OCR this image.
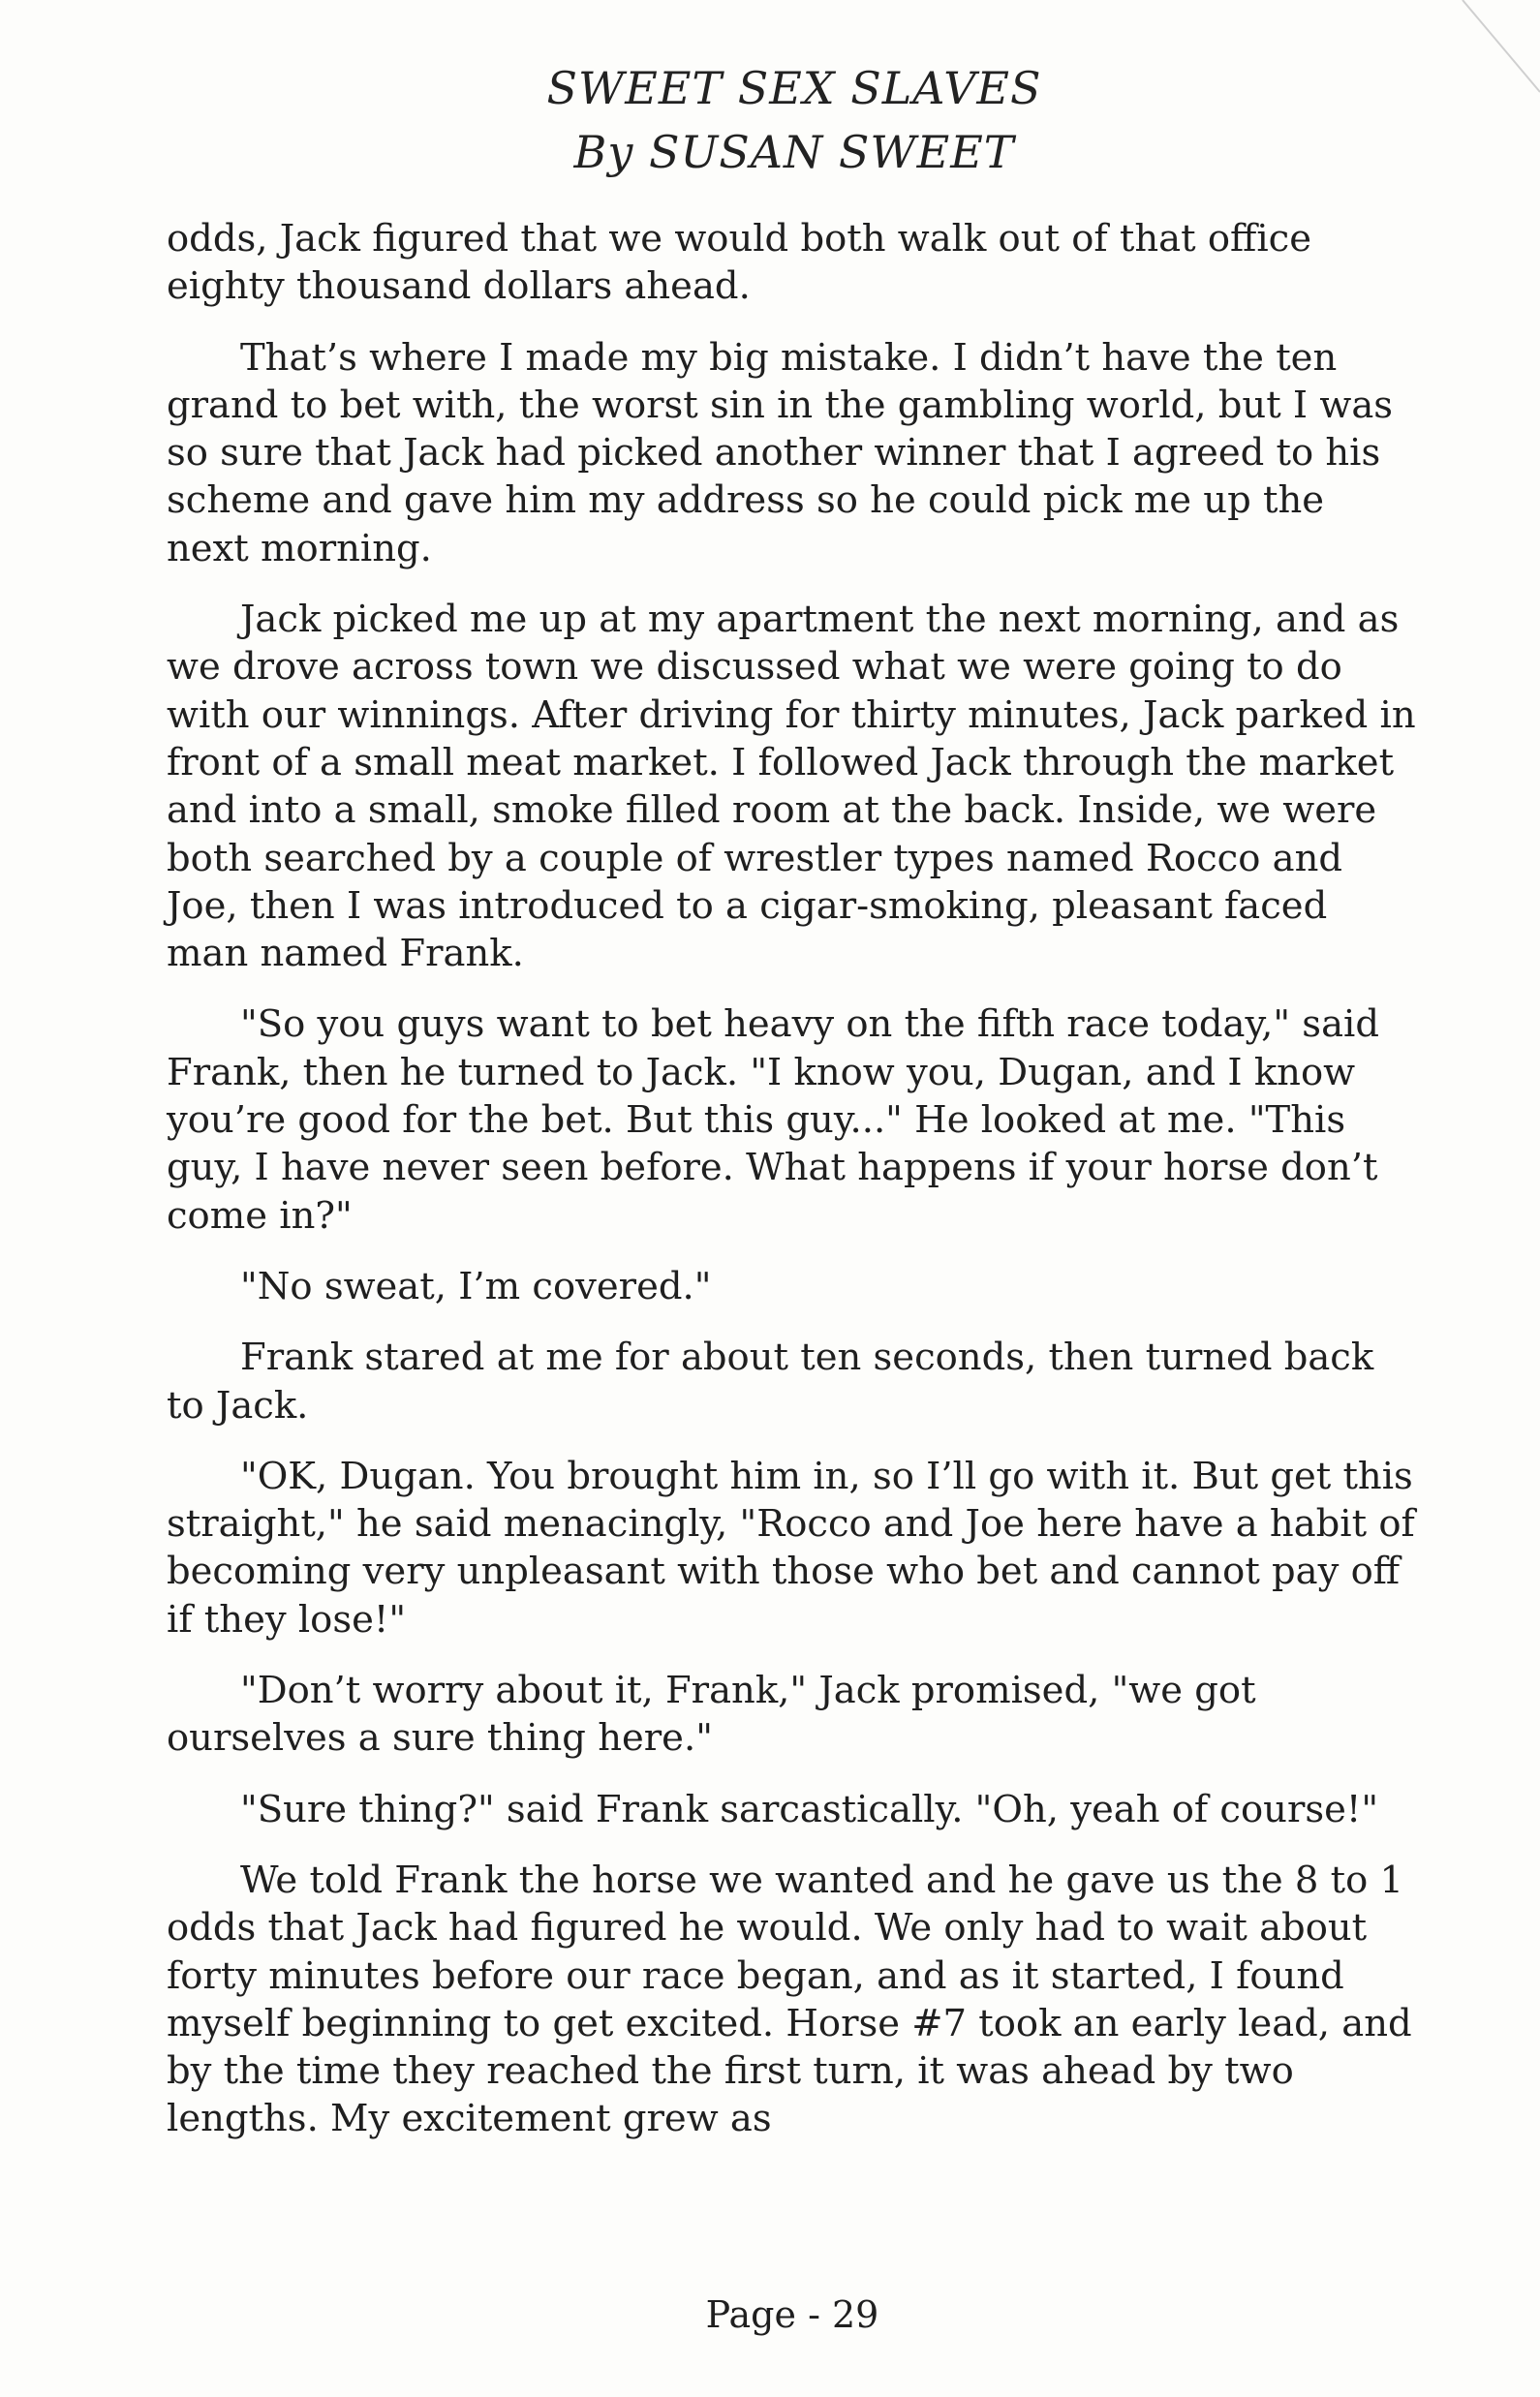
SWEET SEX SLAVES
By SUSAN SWEET

odds, Jack figured that we would both walk out of that office eighty thousand dollars ahead.

That’s where I made my big mistake. I didn’t have the ten grand to bet with, the worst sin in the gambling world, but I was so sure that Jack had picked another winner that I agreed to his scheme and gave him my address so he could pick me up the next morning.

Jack picked me up at my apartment the next morning, and as we drove across town we discussed what we were going to do with our winnings. After driving for thirty minutes, Jack parked in front of a small meat market. I followed Jack through the market and into a small, smoke filled room at the back. Inside, we were both searched by a couple of wrestler types named Rocco and Joe, then I was introduced to a cigar-smoking, pleasant faced man named Frank.

"So you guys want to bet heavy on the fifth race today," said Frank, then he turned to Jack. "I know you, Dugan, and I know you’re good for the bet. But this guy..." He looked at me. "This guy, I have never seen before. What happens if your horse don’t come in?"

"No sweat, I’m covered."

Frank stared at me for about ten seconds, then turned back to Jack.

"OK, Dugan. You brought him in, so I’ll go with it. But get this straight," he said menacingly, "Rocco and Joe here have a habit of becoming very unpleasant with those who bet and cannot pay off if they lose!"

"Don’t worry about it, Frank," Jack promised, "we got ourselves a sure thing here."

"Sure thing?" said Frank sarcastically. "Oh, yeah of course!"

We told Frank the horse we wanted and he gave us the 8 to 1 odds that Jack had figured he would. We only had to wait about forty minutes before our race began, and as it started, I found myself beginning to get excited. Horse #7 took an early lead, and by the time they reached the first turn, it was ahead by two lengths. My excitement grew as

Page - 29
